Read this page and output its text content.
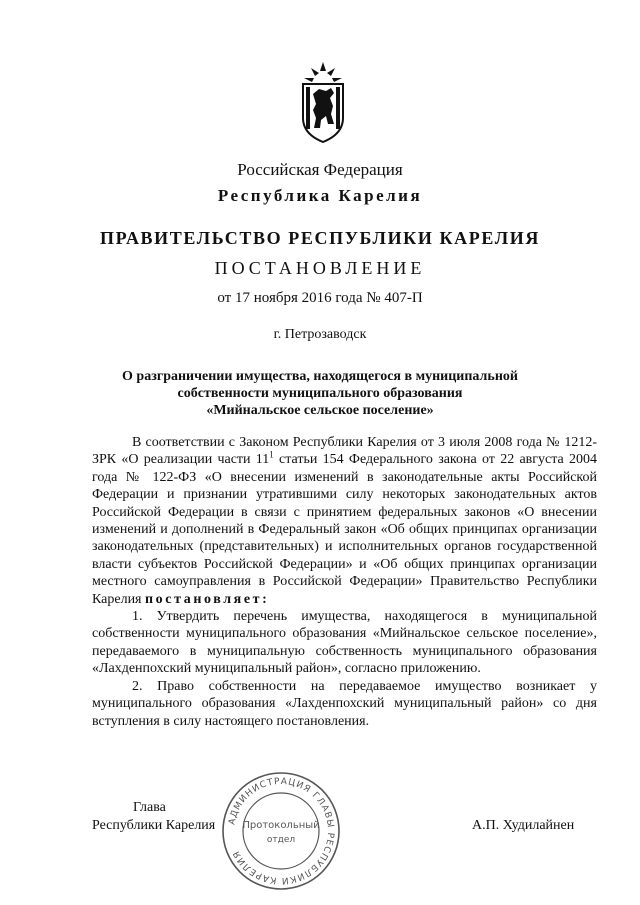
Российская Федерация
Республика Карелия
ПРАВИТЕЛЬСТВО РЕСПУБЛИКИ КАРЕЛИЯ
ПОСТАНОВЛЕНИЕ
от 17 ноября 2016 года № 407-П
г. Петрозаводск
О разграничении имущества, находящегося в муниципальной
собственности муниципального образования
«Мийнальское сельское поселение»

В соответствии с Законом Республики Карелия от 3 июля 2008 года № 1212-ЗРК «О реализации части $11^1$ статьи 154 Федерального закона от 22 августа 2004 года № 122-ФЗ «О внесении изменений в законодательные акты Российской Федерации и признании утратившими силу некоторых законодательных актов Российской Федерации в связи с принятием федеральных законов «О внесении изменений и дополнений в Федеральный закон «Об общих принципах организации законодательных (представительных) и исполнительных органов государственной власти субъектов Российской Федерации» и «Об общих принципах организации местного самоуправления в Российской Федерации» Правительство Республики Карелия постановляет:

1. Утвердить перечень имущества, находящегося в муниципальной собственности муниципального образования «Мийнальское сельское поселение», передаваемого в муниципальную собственность муниципального образования «Лахденпохский муниципальный район», согласно приложению.

2. Право собственности на передаваемое имущество возникает у муниципального образования «Лахденпохский муниципальный район» со дня вступления в силу настоящего постановления.

Глава
Республики Карелия	А.П. Худилайнен
АДМИНИСТРАЦИЯ ГЛАВЫ РЕСПУБЛИКИ КАРЕЛИЯ
Протокольный
отдел
